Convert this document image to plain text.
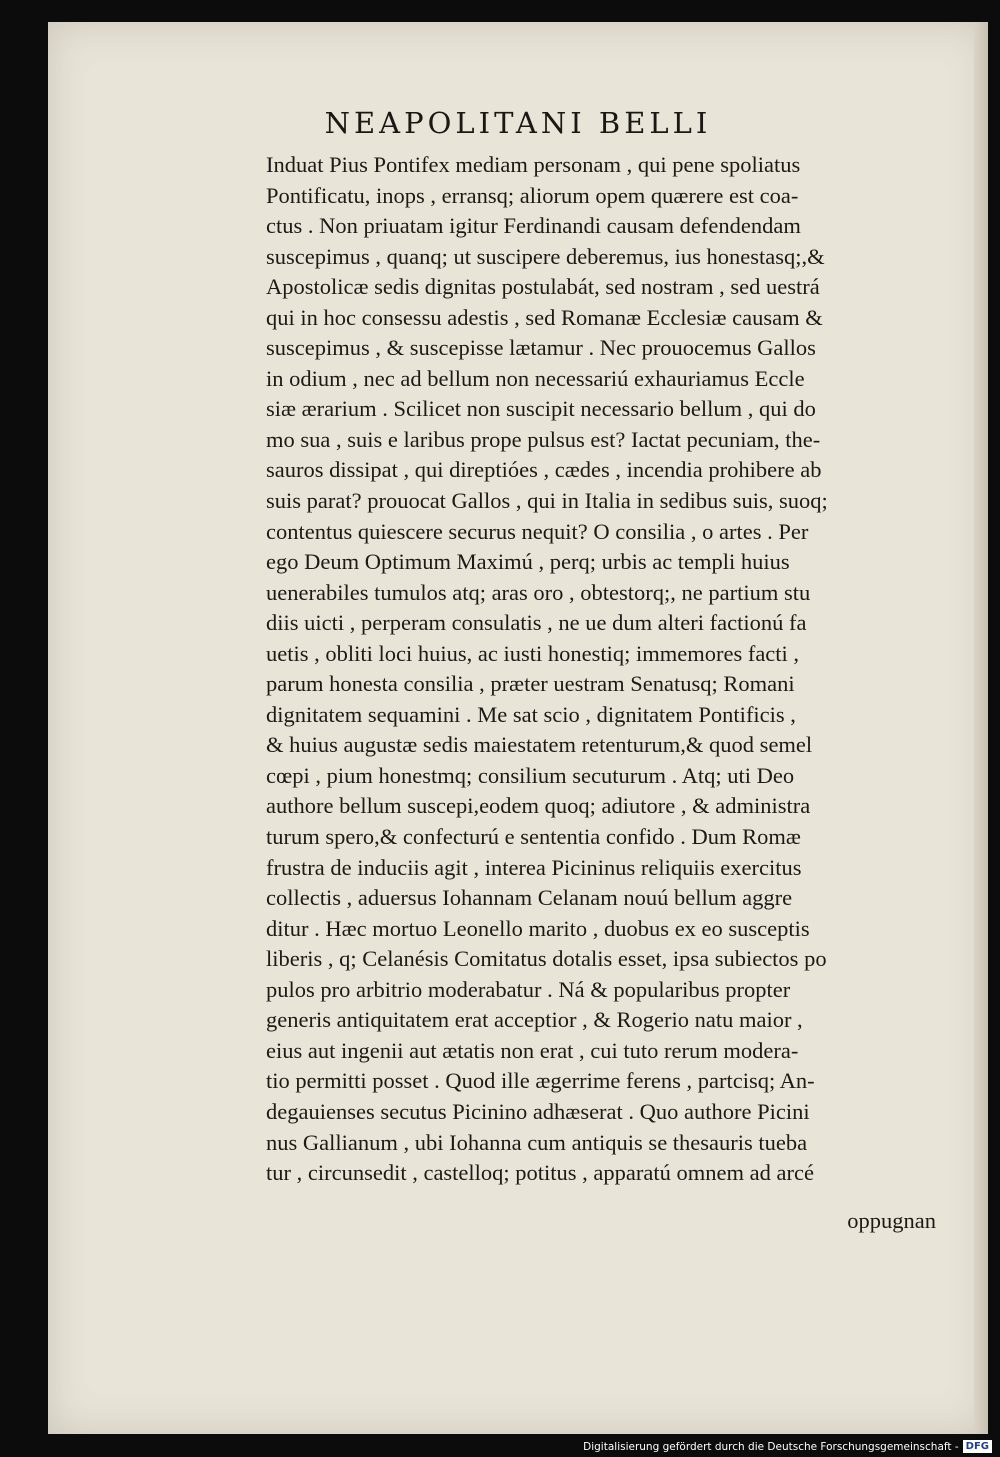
NEAPOLITANI BELLI
Induat Pius Pontifex mediam personam , qui pene spoliatus
Pontificatu, inops , erransq; aliorum opem quærere est coa-
ctus . Non priuatam igitur Ferdinandi causam defendendam
suscepimus , quanq; ut suscipere deberemus, ius honestasq;,&
Apostolicæ sedis dignitas postulabát, sed nostram , sed uestrá
qui in hoc consessu adestis , sed Romanæ Ecclesiæ causam &
suscepimus , & suscepisse lætamur . Nec prouocemus Gallos
in odium , nec ad bellum non necessariú exhauriamus Eccle
siæ ærarium . Scilicet non suscipit necessario bellum , qui do
mo sua , suis e laribus prope pulsus est? Iactat pecuniam, the-
sauros dissipat , qui direptióes , cædes , incendia prohibere ab
suis parat? prouocat Gallos , qui in Italia in sedibus suis, suoq;
contentus quiescere securus nequit? O consilia , o artes . Per
ego Deum Optimum Maximú , perq; urbis ac templi huius
uenerabiles tumulos atq; aras oro , obtestorq;, ne partium stu
diis uicti , perperam consulatis , ne ue dum alteri factionú fa
uetis , obliti loci huius, ac iusti honestiq; immemores facti ,
parum honesta consilia , præter uestram Senatusq; Romani
dignitatem sequamini . Me sat scio , dignitatem Pontificis ,
& huius augustæ sedis maiestatem retenturum,& quod semel
cœpi , pium honestmq; consilium secuturum . Atq; uti Deo
authore bellum suscepi,eodem quoq; adiutore , & administra
turum spero,& confecturú e sententia confido . Dum Romæ
frustra de induciis agit , interea Picininus reliquiis exercitus
collectis , aduersus Iohannam Celanam nouú bellum aggre
ditur . Hæc mortuo Leonello marito , duobus ex eo susceptis
liberis , q; Celanésis Comitatus dotalis esset, ipsa subiectos po
pulos pro arbitrio moderabatur . Ná & popularibus propter
generis antiquitatem erat acceptior , & Rogerio natu maior ,
eius aut ingenii aut ætatis non erat , cui tuto rerum modera-
tio permitti posset . Quod ille ægerrime ferens , partcisq; An-
degauienses secutus Picinino adhæserat . Quo authore Picini
nus Gallianum , ubi Iohanna cum antiquis se thesauris tueba
tur , circunsedit , castelloq; potitus , apparatú omnem ad arcé
oppugnan
Digitalisierung gefördert durch die Deutsche Forschungsgemeinschaft - DFG
